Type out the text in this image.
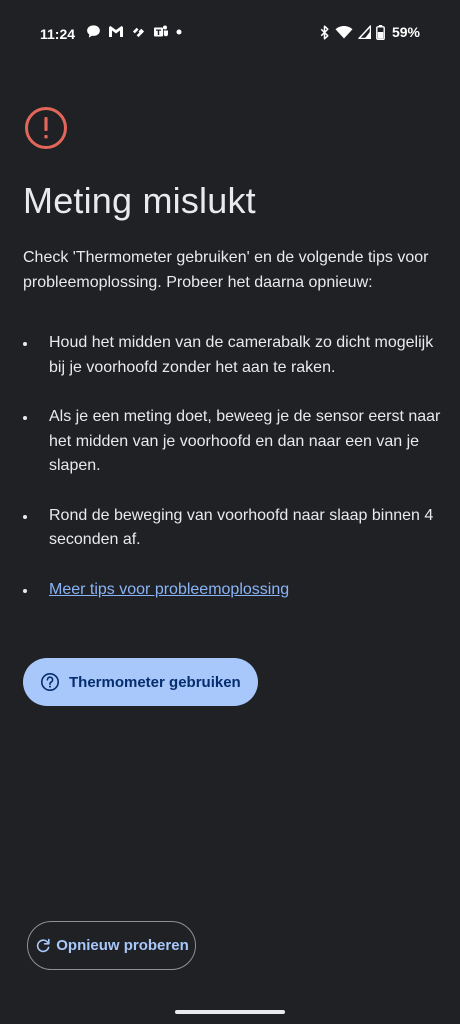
11:24	59%
Meting mislukt

Check 'Thermometer gebruiken' en de volgende tips voor probleemoplossing. Probeer het daarna opnieuw:

Houd het midden van de camerabalk zo dicht mogelijk bij je voorhoofd zonder het aan te raken.
Als je een meting doet, beweeg je de sensor eerst naar het midden van je voorhoofd en dan naar een van je slapen.
Rond de beweging van voorhoofd naar slaap binnen 4 seconden af.
Meer tips voor probleemoplossing
Thermometer gebruiken
Opnieuw proberen
